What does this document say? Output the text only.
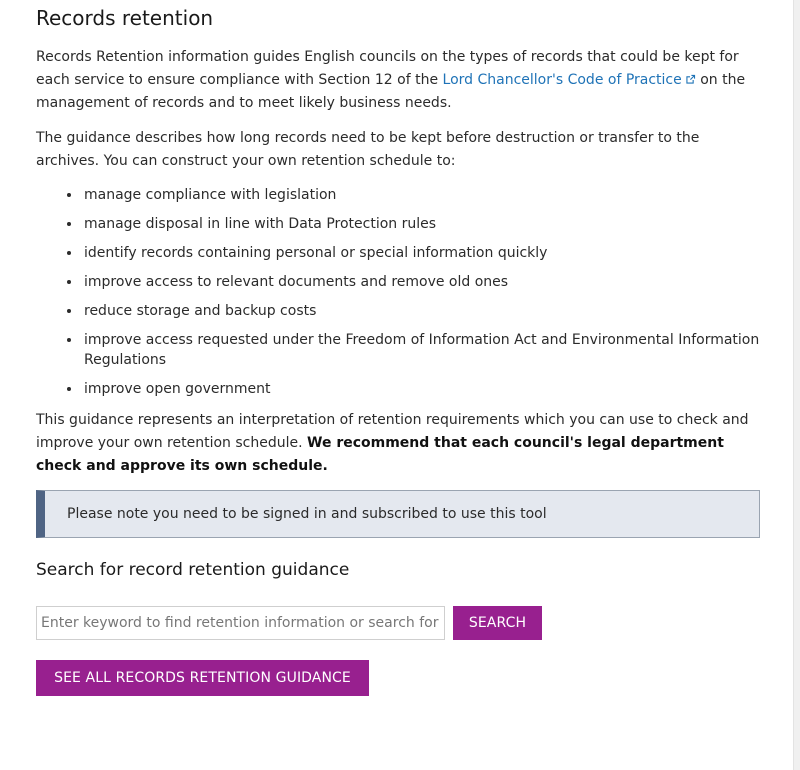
Records retention

Records Retention information guides English councils on the types of records that could be kept for each service to ensure compliance with Section 12 of the Lord Chancellor's Code of Practice on the management of records and to meet likely business needs.

The guidance describes how long records need to be kept before destruction or transfer to the archives. You can construct your own retention schedule to:

• manage compliance with legislation
• manage disposal in line with Data Protection rules
• identify records containing personal or special information quickly
• improve access to relevant documents and remove old ones
• reduce storage and backup costs
• improve access requested under the Freedom of Information Act and Environmental Information Regulations
• improve open government

This guidance represents an interpretation of retention requirements which you can use to check and improve your own retention schedule. We recommend that each council's legal department check and approve its own schedule.

Please note you need to be signed in and subscribed to use this tool
Search for record retention guidance
Enter keyword to find retention information or search for a service
SEARCH
SEE ALL RECORDS RETENTION GUIDANCE
